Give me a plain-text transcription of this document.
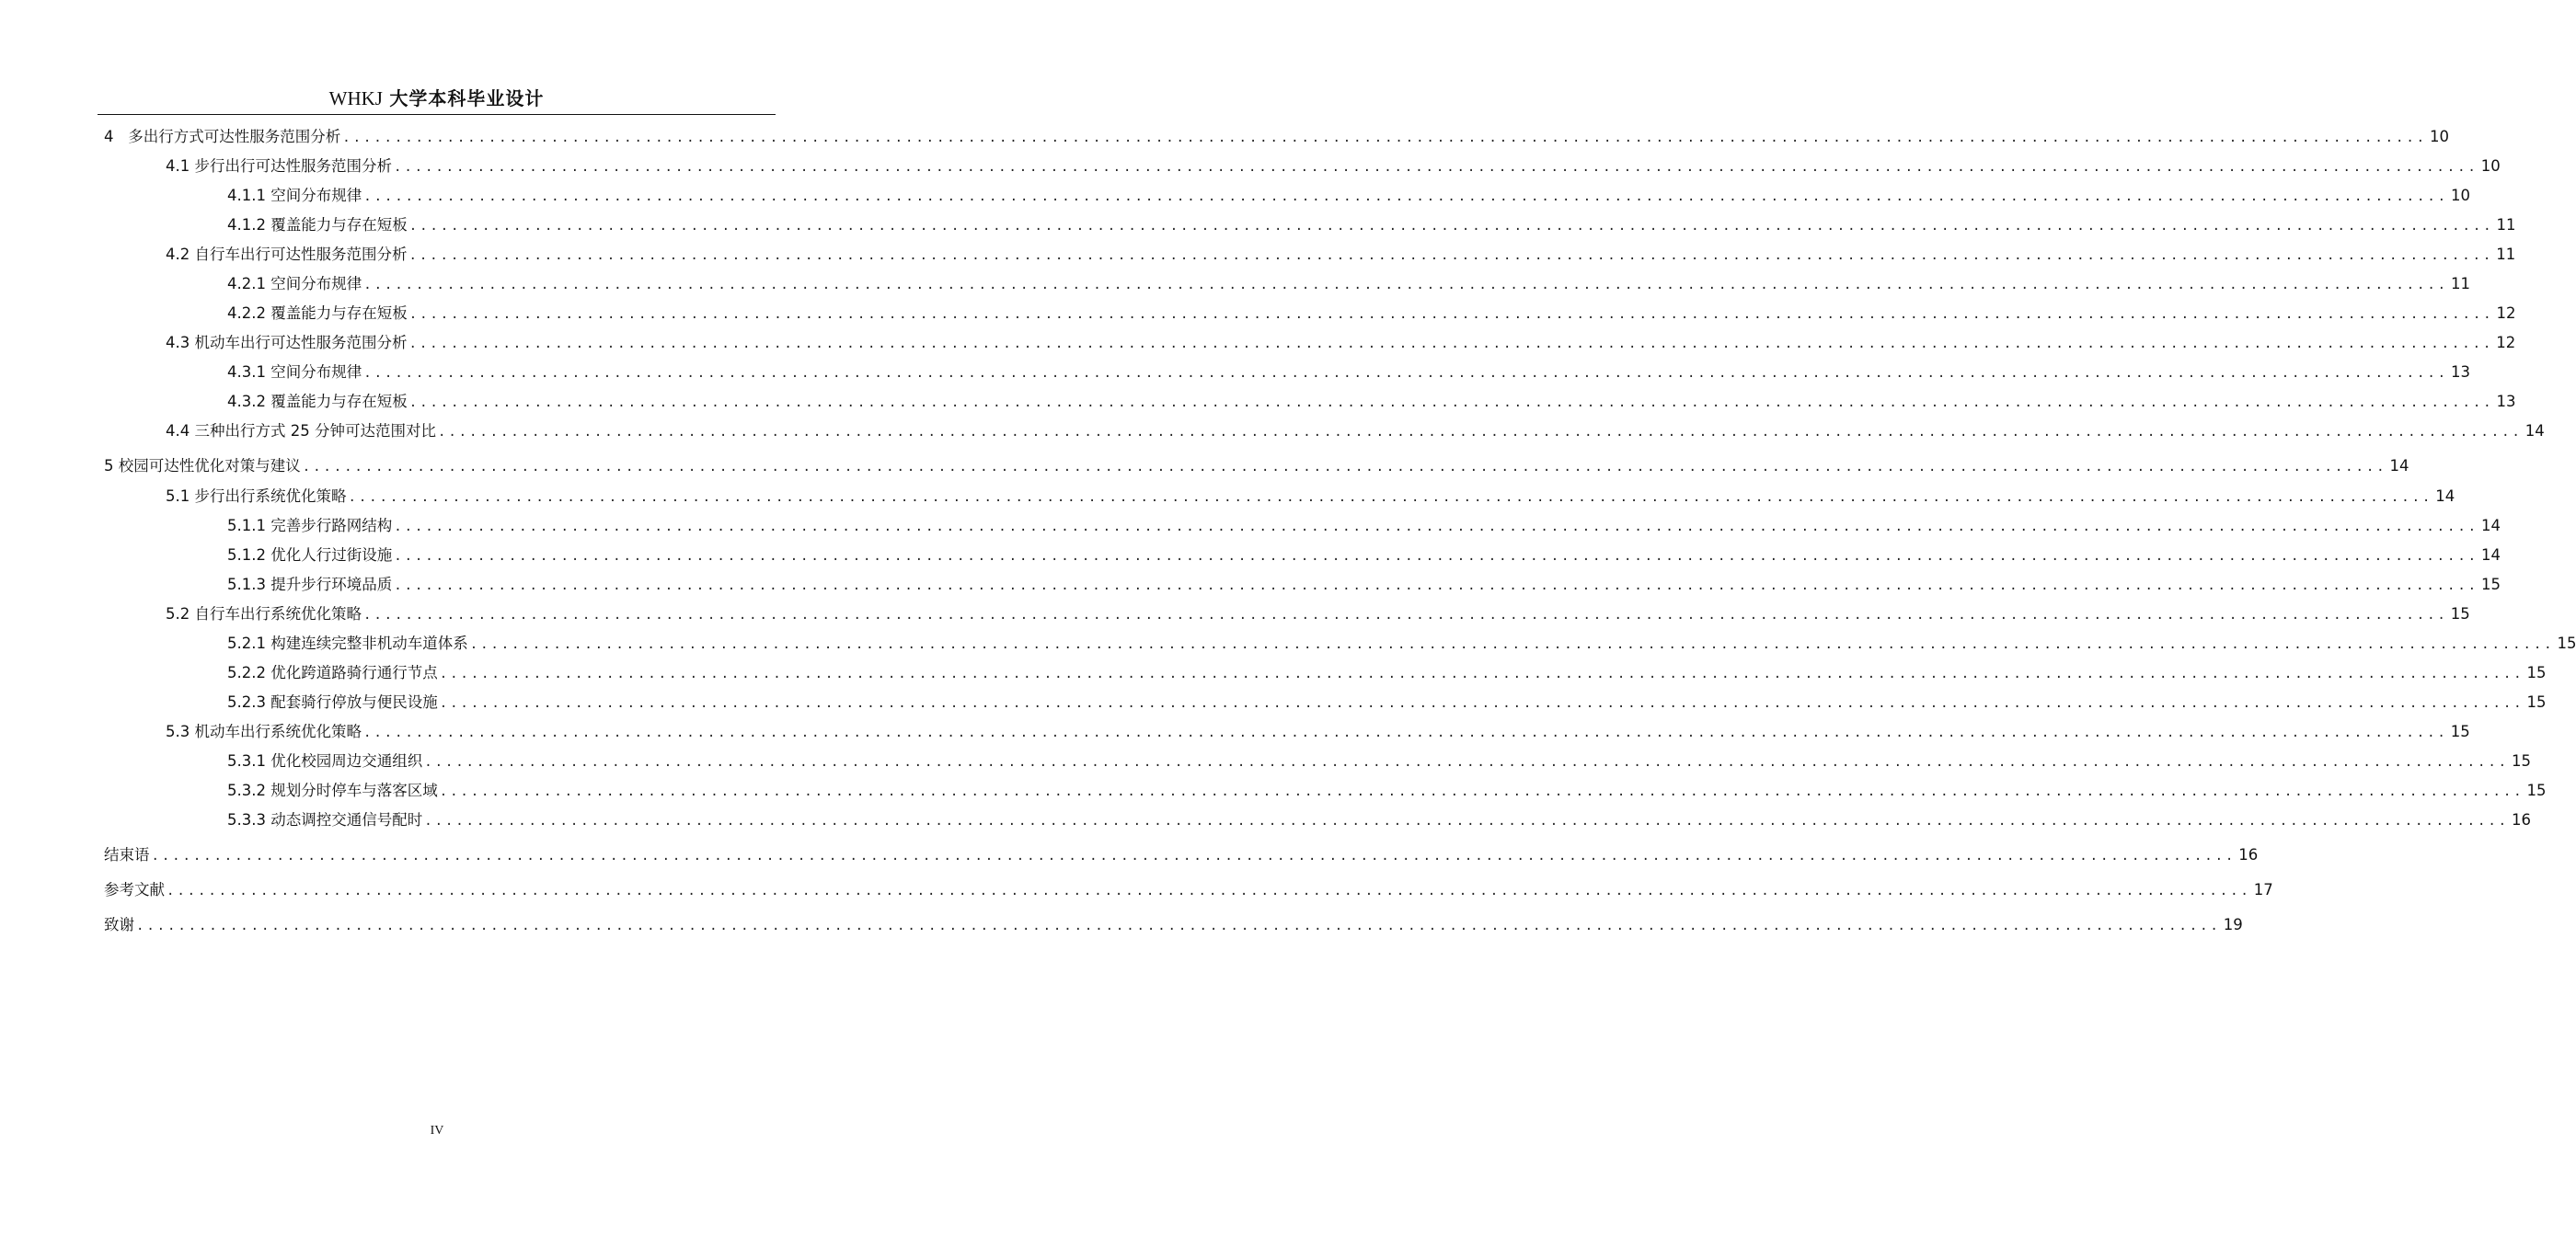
WHKJ 大学本科毕业设计
4 多出行方式可达性服务范围分析 ........................................................................................................................................................................................................ 10
4.1 步行出行可达性服务范围分析 ........................................................................................................................................................................................................ 10
4.1.1 空间分布规律 ........................................................................................................................................................................................................ 10
4.1.2 覆盖能力与存在短板 ........................................................................................................................................................................................................ 11
4.2 自行车出行可达性服务范围分析 ........................................................................................................................................................................................................ 11
4.2.1 空间分布规律 ........................................................................................................................................................................................................ 11
4.2.2 覆盖能力与存在短板 ........................................................................................................................................................................................................ 12
4.3 机动车出行可达性服务范围分析 ........................................................................................................................................................................................................ 12
4.3.1 空间分布规律 ........................................................................................................................................................................................................ 13
4.3.2 覆盖能力与存在短板 ........................................................................................................................................................................................................ 13
4.4 三种出行方式 25 分钟可达范围对比 ........................................................................................................................................................................................................ 14
5 校园可达性优化对策与建议 ........................................................................................................................................................................................................ 14
5.1 步行出行系统优化策略 ........................................................................................................................................................................................................ 14
5.1.1 完善步行路网结构 ........................................................................................................................................................................................................ 14
5.1.2 优化人行过街设施 ........................................................................................................................................................................................................ 14
5.1.3 提升步行环境品质 ........................................................................................................................................................................................................ 15
5.2 自行车出行系统优化策略 ........................................................................................................................................................................................................ 15
5.2.1 构建连续完整非机动车道体系 ........................................................................................................................................................................................................ 15
5.2.2 优化跨道路骑行通行节点 ........................................................................................................................................................................................................ 15
5.2.3 配套骑行停放与便民设施 ........................................................................................................................................................................................................ 15
5.3 机动车出行系统优化策略 ........................................................................................................................................................................................................ 15
5.3.1 优化校园周边交通组织 ........................................................................................................................................................................................................ 15
5.3.2 规划分时停车与落客区域 ........................................................................................................................................................................................................ 15
5.3.3 动态调控交通信号配时 ........................................................................................................................................................................................................ 16
结束语 ........................................................................................................................................................................................................ 16
参考文献 ........................................................................................................................................................................................................ 17
致谢 ........................................................................................................................................................................................................ 19
IV
